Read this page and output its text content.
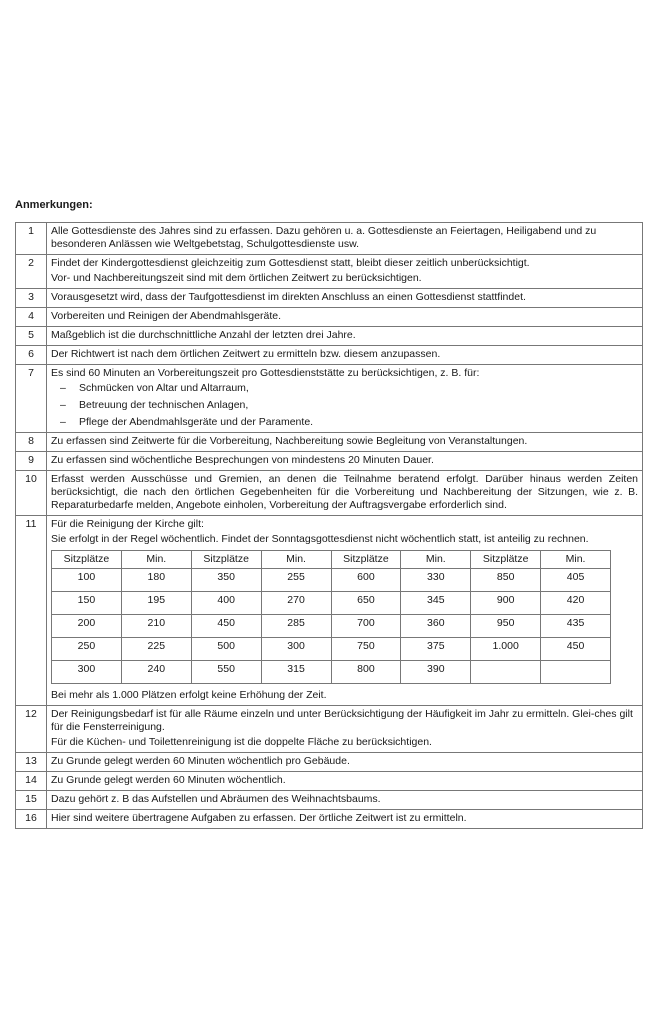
Anmerkungen:

1	Alle Gottesdienste des Jahres sind zu erfassen. Dazu gehören u. a. Gottesdienste an Feiertagen, Heiligabend und zu besonderen Anlässen wie Weltgebetstag, Schulgottesdienste usw.

2	Findet der Kindergottesdienst gleichzeitig zum Gottesdienst statt, bleibt dieser zeitlich unberücksichtigt.

Vor- und Nachbereitungszeit sind mit dem örtlichen Zeitwert zu berücksichtigen.

3	Vorausgesetzt wird, dass der Taufgottesdienst im direkten Anschluss an einen Gottesdienst stattfindet.

4	Vorbereiten und Reinigen der Abendmahlsgeräte.

5	Maßgeblich ist die durchschnittliche Anzahl der letzten drei Jahre.

6	Der Richtwert ist nach dem örtlichen Zeitwert zu ermitteln bzw. diesem anzupassen.

7	Es sind 60 Minuten an Vorbereitungszeit pro Gottesdienststätte zu berücksichtigen, z. B. für:

– Schmücken von Altar und Altarraum,
– Betreuung der technischen Anlagen,
– Pflege der Abendmahlsgeräte und der Paramente.

8	Zu erfassen sind Zeitwerte für die Vorbereitung, Nachbereitung sowie Begleitung von Veranstaltungen.

9	Zu erfassen sind wöchentliche Besprechungen von mindestens 20 Minuten Dauer.

10	Erfasst werden Ausschüsse und Gremien, an denen die Teilnahme beratend erfolgt. Darüber hinaus werden Zeiten berücksichtigt, die nach den örtlichen Gegebenheiten für die Vorbereitung und Nachbereitung der Sitzungen, wie z. B. Reparaturbedarfe melden, Angebote einholen, Vorbereitung der Auftragsvergabe erforderlich sind.

11	Für die Reinigung der Kirche gilt:

Sie erfolgt in der Regel wöchentlich. Findet der Sonntagsgottesdienst nicht wöchentlich statt, ist anteilig zu rechnen.

Sitzplätze	Min.	Sitzplätze	Min.	Sitzplätze	Min.	Sitzplätze	Min.
100	180	350	255	600	330	850	405
150	195	400	270	650	345	900	420
200	210	450	285	700	360	950	435
250	225	500	300	750	375	1.000	450
300	240	550	315	800	390		

Bei mehr als 1.000 Plätzen erfolgt keine Erhöhung der Zeit.

12	Der Reinigungsbedarf ist für alle Räume einzeln und unter Berücksichtigung der Häufigkeit im Jahr zu ermitteln. Glei-ches gilt für die Fensterreinigung.

Für die Küchen- und Toilettenreinigung ist die doppelte Fläche zu berücksichtigen.

13	Zu Grunde gelegt werden 60 Minuten wöchentlich pro Gebäude.

14	Zu Grunde gelegt werden 60 Minuten wöchentlich.

15	Dazu gehört z. B das Aufstellen und Abräumen des Weihnachtsbaums.

16	Hier sind weitere übertragene Aufgaben zu erfassen. Der örtliche Zeitwert ist zu ermitteln.
